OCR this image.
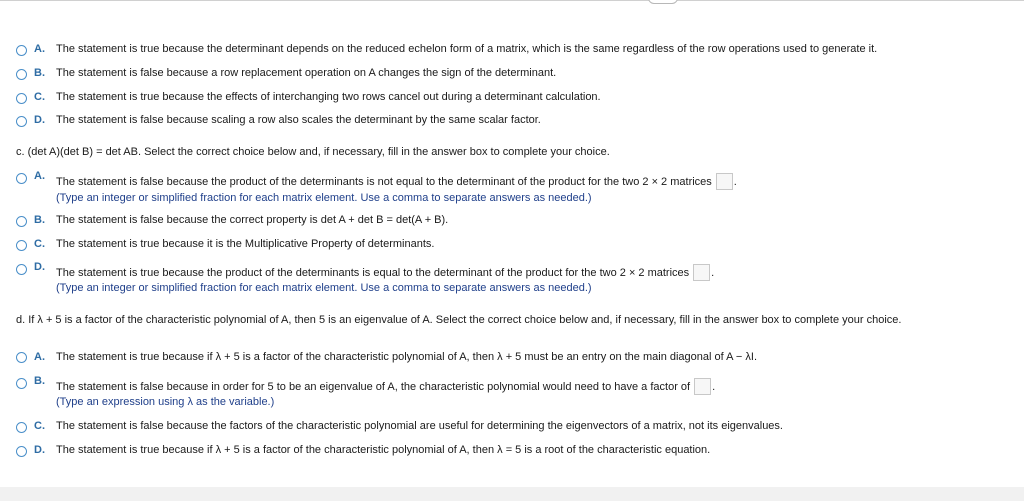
A. The statement is true because the determinant depends on the reduced echelon form of a matrix, which is the same regardless of the row operations used to generate it.
B. The statement is false because a row replacement operation on A changes the sign of the determinant.
C. The statement is true because the effects of interchanging two rows cancel out during a determinant calculation.
D. The statement is false because scaling a row also scales the determinant by the same scalar factor.
c. (det A)(det B) = det AB. Select the correct choice below and, if necessary, fill in the answer box to complete your choice.
A. The statement is false because the product of the determinants is not equal to the determinant of the product for the two 2 × 2 matrices .
(Type an integer or simplified fraction for each matrix element. Use a comma to separate answers as needed.)
B. The statement is false because the correct property is det A + det B = det(A + B).
C. The statement is true because it is the Multiplicative Property of determinants.
D. The statement is true because the product of the determinants is equal to the determinant of the product for the two 2 × 2 matrices .
(Type an integer or simplified fraction for each matrix element. Use a comma to separate answers as needed.)
d. If λ + 5 is a factor of the characteristic polynomial of A, then 5 is an eigenvalue of A. Select the correct choice below and, if necessary, fill in the answer box to complete your choice.
A. The statement is true because if λ + 5 is a factor of the characteristic polynomial of A, then λ + 5 must be an entry on the main diagonal of A − λI.
B. The statement is false because in order for 5 to be an eigenvalue of A, the characteristic polynomial would need to have a factor of .
(Type an expression using λ as the variable.)
C. The statement is false because the factors of the characteristic polynomial are useful for determining the eigenvectors of a matrix, not its eigenvalues.
D. The statement is true because if λ + 5 is a factor of the characteristic polynomial of A, then λ = 5 is a root of the characteristic equation.
